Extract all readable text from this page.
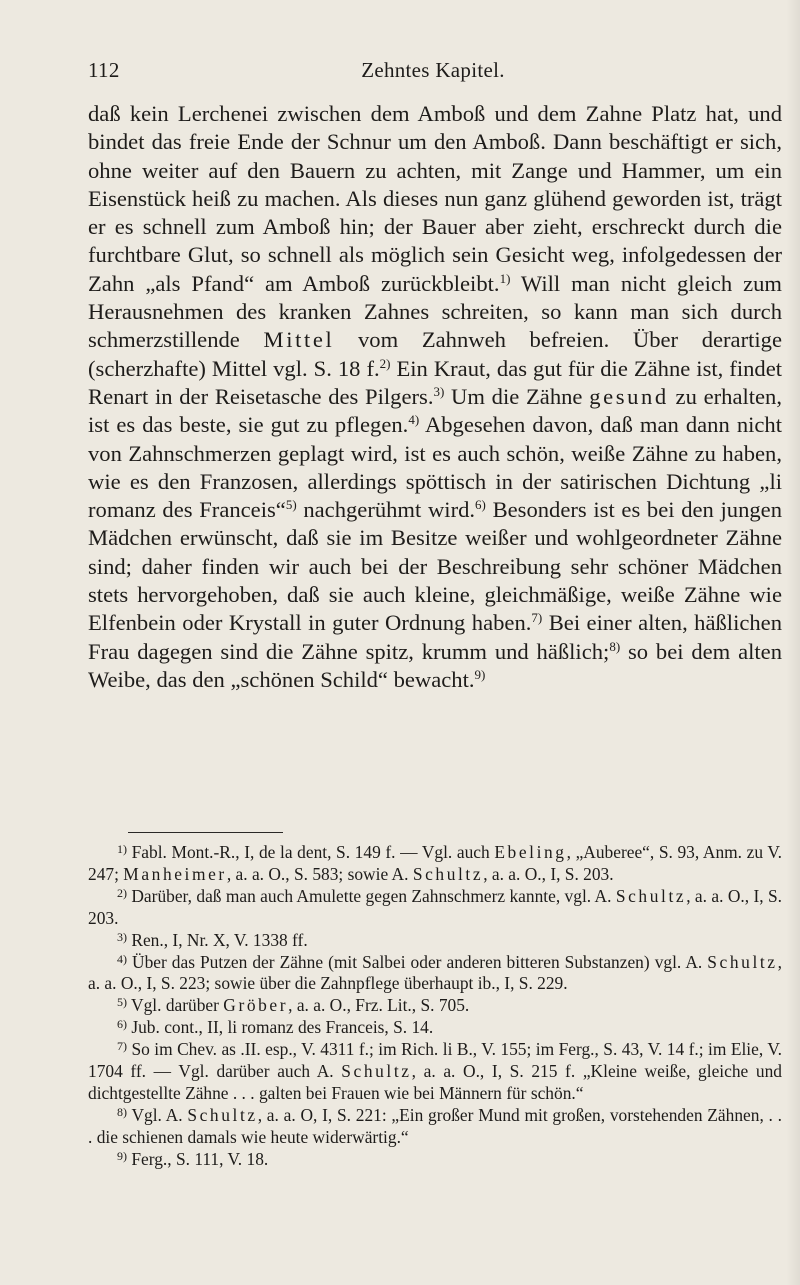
112	Zehntes Kapitel.

daß kein Lerchenei zwischen dem Amboß und dem Zahne Platz hat, und bindet das freie Ende der Schnur um den Amboß. Dann beschäftigt er sich, ohne weiter auf den Bauern zu achten, mit Zange und Hammer, um ein Eisenstück heiß zu machen. Als dieses nun ganz glühend geworden ist, trägt er es schnell zum Amboß hin; der Bauer aber zieht, erschreckt durch die furchtbare Glut, so schnell als möglich sein Gesicht weg, infolgedessen der Zahn „als Pfand“ am Amboß zurückbleibt.$^{1)}$ Will man nicht gleich zum Herausnehmen des kranken Zahnes schreiten, so kann man sich durch schmerzstillende Mittel vom Zahnweh befreien. Über derartige (scherzhafte) Mittel vgl. S. 18 f.$^{2)}$ Ein Kraut, das gut für die Zähne ist, findet Renart in der Reisetasche des Pilgers.$^{3)}$ Um die Zähne gesund zu erhalten, ist es das beste, sie gut zu pflegen.$^{4)}$ Abgesehen davon, daß man dann nicht von Zahnschmerzen geplagt wird, ist es auch schön, weiße Zähne zu haben, wie es den Franzosen, allerdings spöttisch in der satirischen Dichtung „li romanz des Franceis“$^{5)}$ nachgerühmt wird.$^{6)}$ Besonders ist es bei den jungen Mädchen erwünscht, daß sie im Besitze weißer und wohlgeordneter Zähne sind; daher finden wir auch bei der Beschreibung sehr schöner Mädchen stets hervorgehoben, daß sie auch kleine, gleichmäßige, weiße Zähne wie Elfenbein oder Krystall in guter Ordnung haben.$^{7)}$ Bei einer alten, häßlichen Frau dagegen sind die Zähne spitz, krumm und häßlich;$^{8)}$ so bei dem alten Weibe, das den „schönen Schild“ bewacht.$^{9)}$

$^{1)}$ Fabl. Mont.-R., I, de la dent, S. 149 f. — Vgl. auch Ebeling, „Auberee“, S. 93, Anm. zu V. 247; Manheimer, a. a. O., S. 583; sowie A. Schultz, a. a. O., I, S. 203.

$^{2)}$ Darüber, daß man auch Amulette gegen Zahnschmerz kannte, vgl. A. Schultz, a. a. O., I, S. 203.

$^{3)}$ Ren., I, Nr. X, V. 1338 ff.

$^{4)}$ Über das Putzen der Zähne (mit Salbei oder anderen bitteren Substanzen) vgl. A. Schultz, a. a. O., I, S. 223; sowie über die Zahnpflege überhaupt ib., I, S. 229.

$^{5)}$ Vgl. darüber Gröber, a. a. O., Frz. Lit., S. 705.

$^{6)}$ Jub. cont., II, li romanz des Franceis, S. 14.

$^{7)}$ So im Chev. as .II. esp., V. 4311 f.; im Rich. li B., V. 155; im Ferg., S. 43, V. 14 f.; im Elie, V. 1704 ff. — Vgl. darüber auch A. Schultz, a. a. O., I, S. 215 f. „Kleine weiße, gleiche und dichtgestellte Zähne . . . galten bei Frauen wie bei Männern für schön.“

$^{8)}$ Vgl. A. Schultz, a. a. O, I, S. 221: „Ein großer Mund mit großen, vorstehenden Zähnen, . . . die schienen damals wie heute widerwärtig.“

$^{9)}$ Ferg., S. 111, V. 18.
